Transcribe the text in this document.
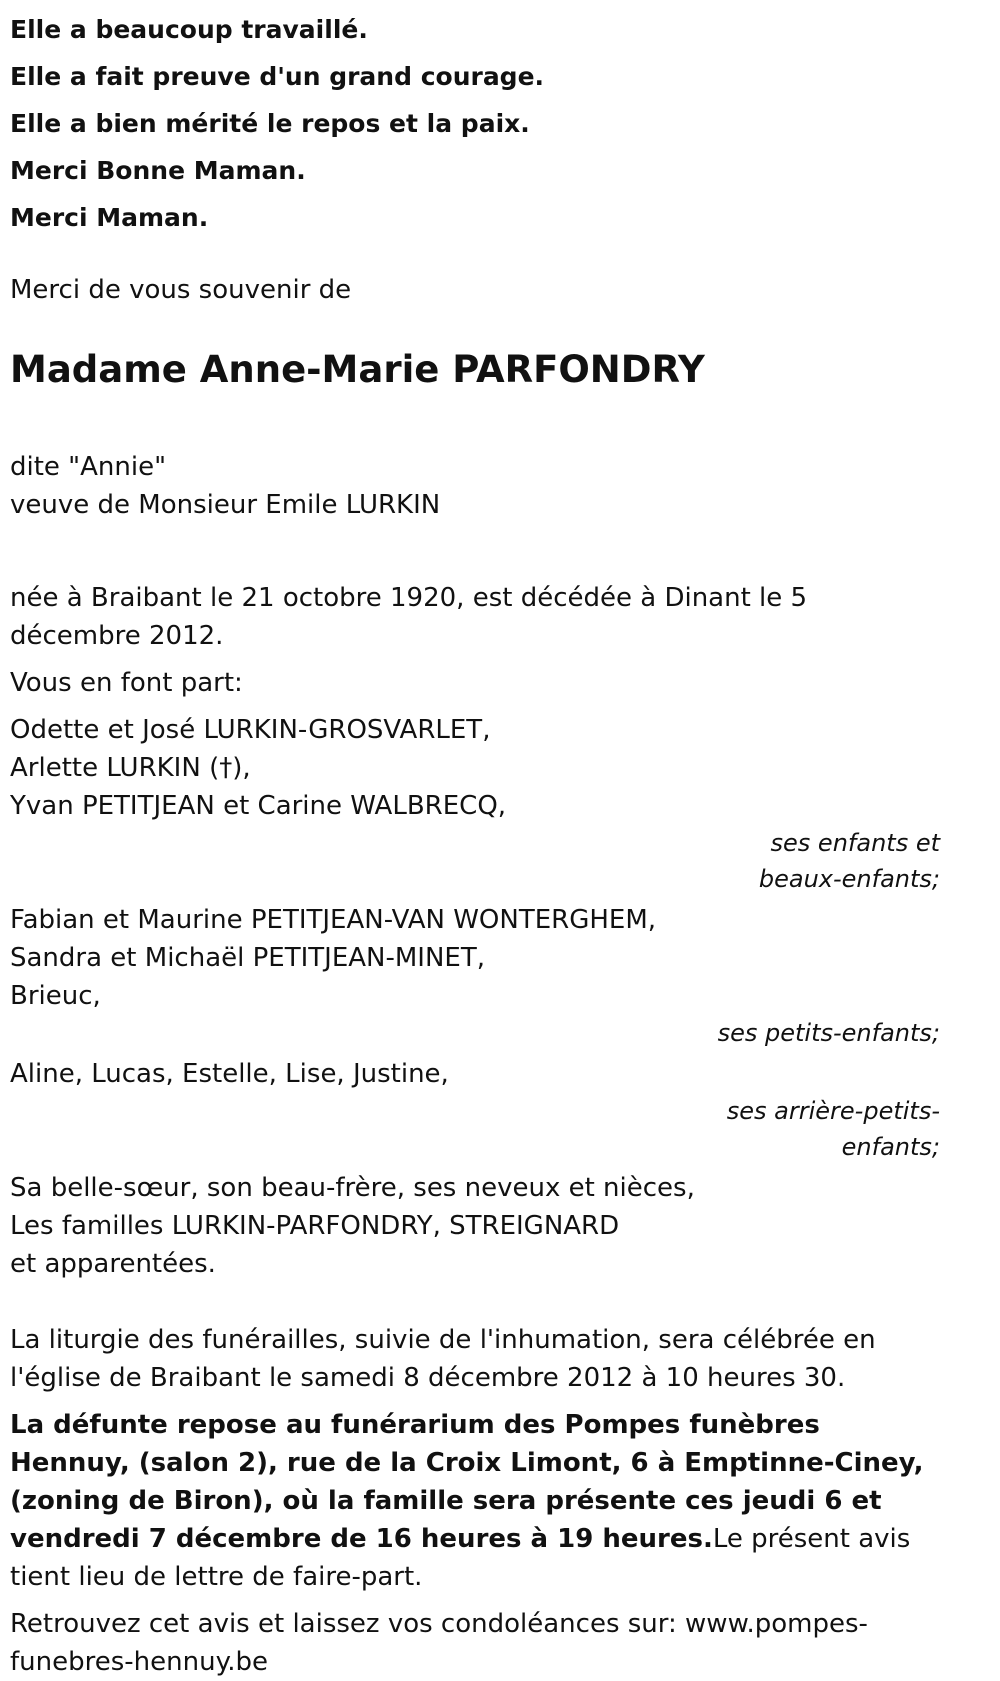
Elle a beaucoup travaillé.
Elle a fait preuve d'un grand courage.
Elle a bien mérité le repos et la paix.
Merci Bonne Maman.
Merci Maman.
Merci de vous souvenir de
Madame Anne-Marie PARFONDRY
dite "Annie"
veuve de Monsieur Emile LURKIN
née à Braibant le 21 octobre 1920, est décédée à Dinant le 5 décembre 2012.
Vous en font part:
Odette et José LURKIN-GROSVARLET,
Arlette LURKIN (†),
Yvan PETITJEAN et Carine WALBRECQ,
ses enfants et
beaux-enfants;
Fabian et Maurine PETITJEAN-VAN WONTERGHEM,
Sandra et Michaël PETITJEAN-MINET,
Brieuc,
ses petits-enfants;
Aline, Lucas, Estelle, Lise, Justine,
ses arrière-petits-
enfants;
Sa belle-sœur, son beau-frère, ses neveux et nièces,
Les familles LURKIN-PARFONDRY, STREIGNARD
et apparentées.
La liturgie des funérailles, suivie de l'inhumation, sera célébrée en l'église de Braibant le samedi 8 décembre 2012 à 10 heures 30.
La défunte repose au funérarium des Pompes funèbres Hennuy, (salon 2), rue de la Croix Limont, 6 à Emptinne-Ciney, (zoning de Biron), où la famille sera présente ces jeudi 6 et vendredi 7 décembre de 16 heures à 19 heures.Le présent avis tient lieu de lettre de faire-part.
Retrouvez cet avis et laissez vos condoléances sur: www.pompes-funebres-hennuy.be
